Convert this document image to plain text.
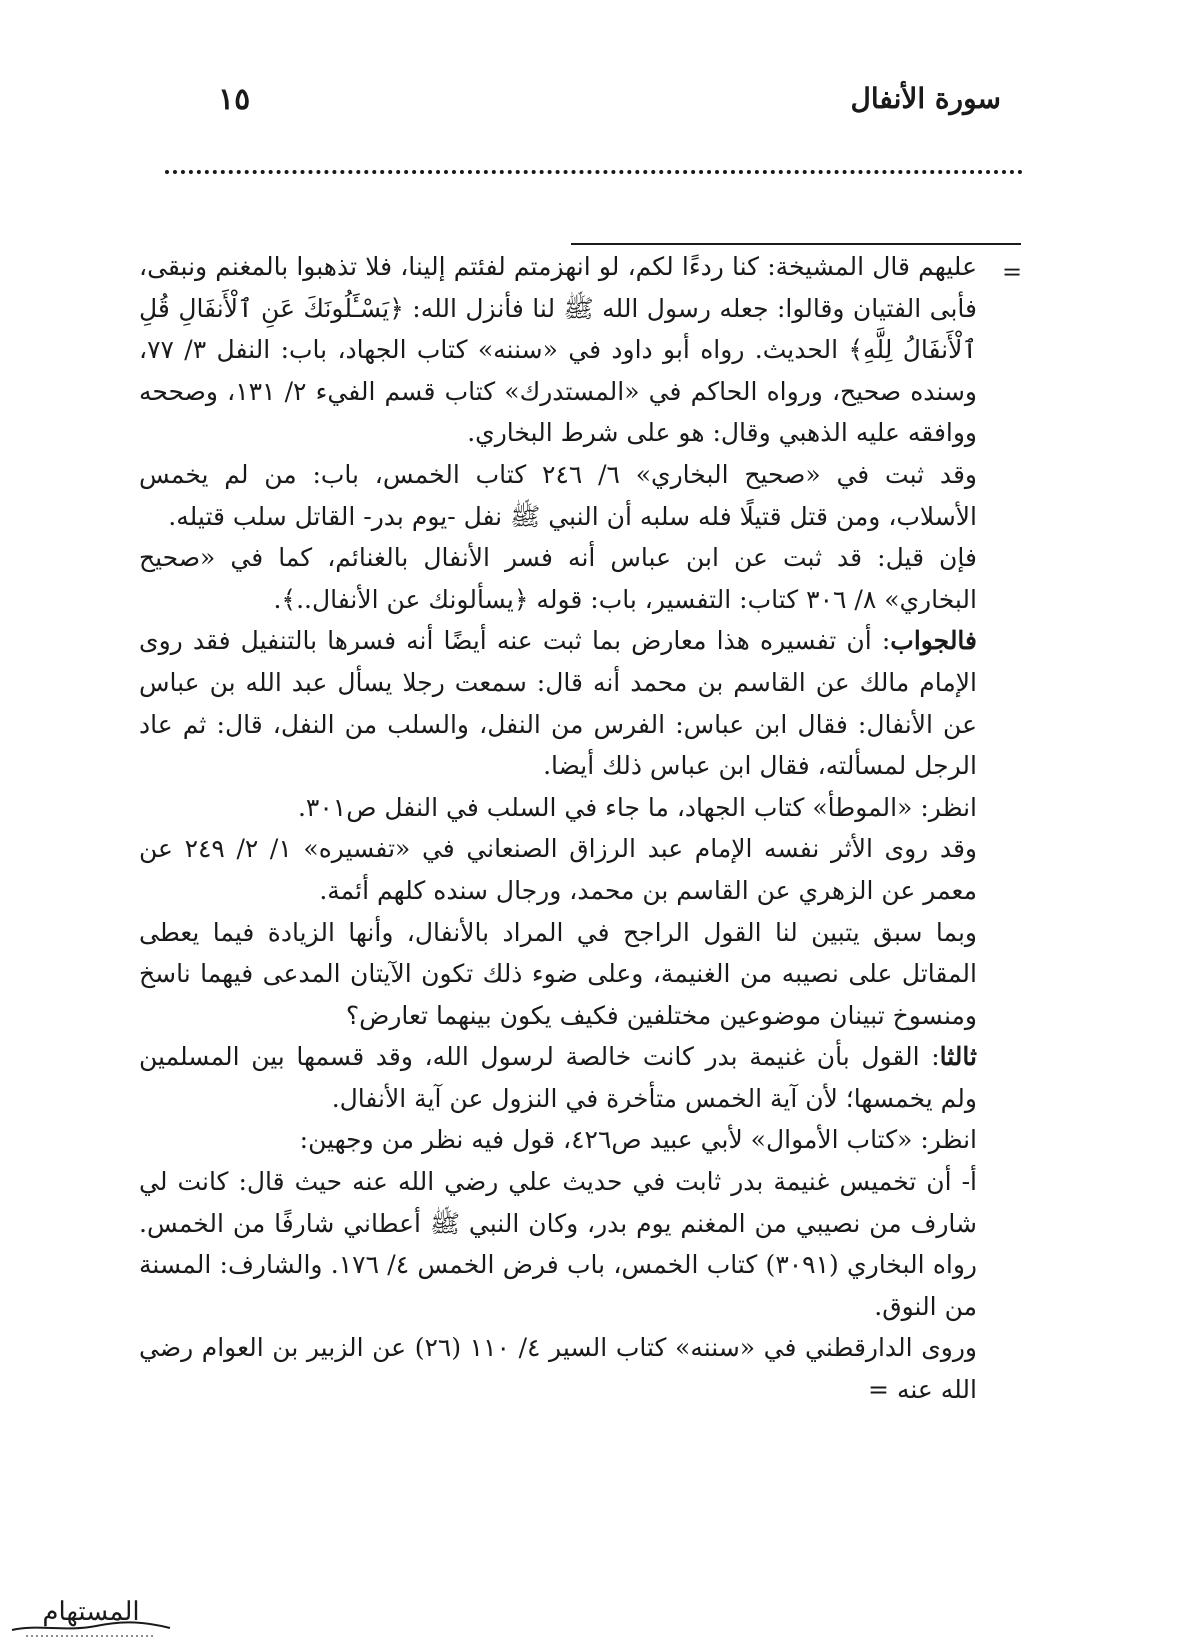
سورة الأنفال
١٥
=

عليهم قال المشيخة: كنا ردءًا لكم، لو انهزمتم لفئتم إلينا، فلا تذهبوا بالمغنم ونبقى، فأبى الفتيان وقالوا: جعله رسول الله ﷺ لنا فأنزل الله: ﴿يَسْـَٔلُونَكَ عَنِ ٱلْأَنفَالِ قُلِ ٱلْأَنفَالُ لِلَّهِ﴾ الحديث. رواه أبو داود في «سننه» كتاب الجهاد، باب: النفل ٣/ ٧٧، وسنده صحيح، ورواه الحاكم في «المستدرك» كتاب قسم الفيء ٢/ ١٣١، وصححه ووافقه عليه الذهبي وقال: هو على شرط البخاري.

وقد ثبت في «صحيح البخاري» ٦/ ٢٤٦ كتاب الخمس، باب: من لم يخمس الأسلاب، ومن قتل قتيلًا فله سلبه أن النبي ﷺ نفل -يوم بدر- القاتل سلب قتيله.

فإن قيل: قد ثبت عن ابن عباس أنه فسر الأنفال بالغنائم، كما في «صحيح البخاري» ٨/ ٣٠٦ كتاب: التفسير، باب: قوله ﴿يسألونك عن الأنفال..﴾.

فالجواب: أن تفسيره هذا معارض بما ثبت عنه أيضًا أنه فسرها بالتنفيل فقد روى الإمام مالك عن القاسم بن محمد أنه قال: سمعت رجلا يسأل عبد الله بن عباس عن الأنفال: فقال ابن عباس: الفرس من النفل، والسلب من النفل، قال: ثم عاد الرجل لمسألته، فقال ابن عباس ذلك أيضا.

انظر: «الموطأ» كتاب الجهاد، ما جاء في السلب في النفل ص٣٠١.

وقد روى الأثر نفسه الإمام عبد الرزاق الصنعاني في «تفسيره» ١/ ٢/ ٢٤٩ عن معمر عن الزهري عن القاسم بن محمد، ورجال سنده كلهم أئمة.

وبما سبق يتبين لنا القول الراجح في المراد بالأنفال، وأنها الزيادة فيما يعطى المقاتل على نصيبه من الغنيمة، وعلى ضوء ذلك تكون الآيتان المدعى فيهما ناسخ ومنسوخ تبينان موضوعين مختلفين فكيف يكون بينهما تعارض؟

ثالثا: القول بأن غنيمة بدر كانت خالصة لرسول الله، وقد قسمها بين المسلمين ولم يخمسها؛ لأن آية الخمس متأخرة في النزول عن آية الأنفال.

انظر: «كتاب الأموال» لأبي عبيد ص٤٢٦، قول فيه نظر من وجهين:

أ- أن تخميس غنيمة بدر ثابت في حديث علي رضي الله عنه حيث قال: كانت لي شارف من نصيبي من المغنم يوم بدر، وكان النبي ﷺ أعطاني شارفًا من الخمس. رواه البخاري (٣٠٩١) كتاب الخمس، باب فرض الخمس ٤/ ١٧٦. والشارف: المسنة من النوق.

وروى الدارقطني في «سننه» كتاب السير ٤/ ١١٠ (٢٦) عن الزبير بن العوام رضي الله عنه =

المستهام
